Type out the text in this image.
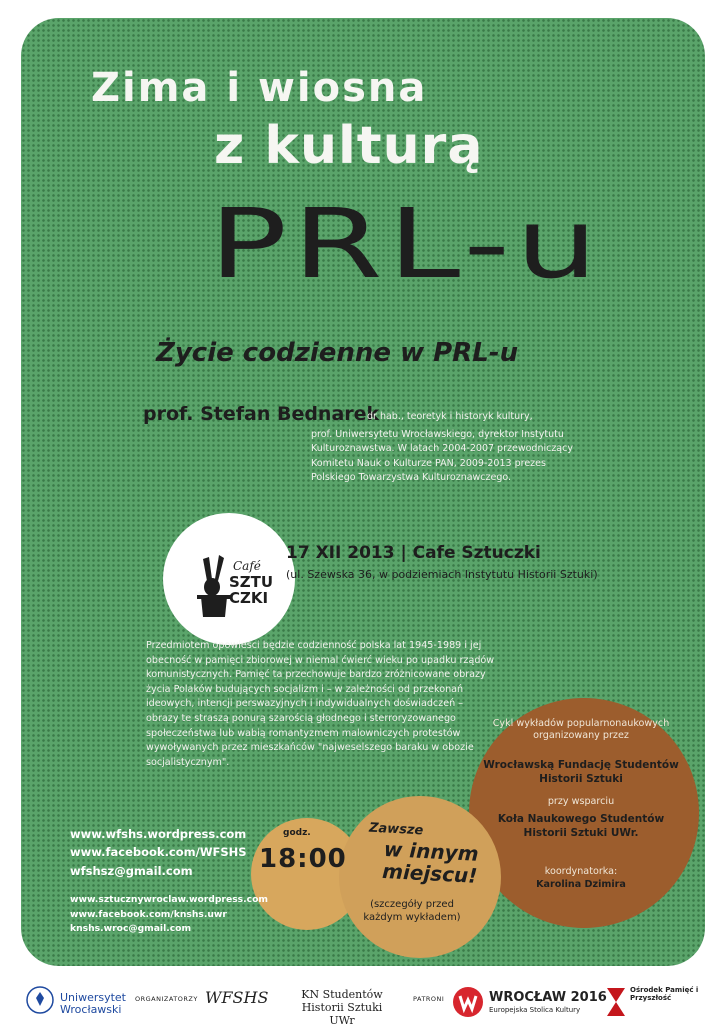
Zima i wiosna
z kulturą
PRL-u
Życie codzienne w PRL-u
prof. Stefan Bednarek
dr hab., teoretyk i historyk kultury,
prof. Uniwersytetu Wrocławskiego, dyrektor Instytutu Kulturoznawstwa. W latach 2004-2007 przewodniczący Komitetu Nauk o Kulturze PAN, 2009-2013 prezes Polskiego Towarzystwa Kulturoznawczego.
Café
SZTU
CZKI
17 XII 2013 | Cafe Sztuczki
(ul. Szewska 36, w podziemiach Instytutu Historii Sztuki)
Przedmiotem opowieści będzie codzienność polska lat 1945-1989 i jej obecność w pamięci zbiorowej w niemal ćwierć wieku po upadku rządów komunistycznych. Pamięć ta przechowuje bardzo zróżnicowane obrazy życia Polaków budujących socjalizm i – w zależności od przekonań ideowych, intencji perswazyjnych i indywidualnych doświadczeń – obrazy te straszą ponurą szarością głodnego i sterroryzowanego społeczeństwa lub wabią romantyzmem malowniczych protestów wywoływanych przez mieszkańców "najweselszego baraku w obozie socjalistycznym".
www.wfshs.wordpress.com
www.facebook.com/WFSHS
wfshsz@gmail.com
www.sztucznywroclaw.wordpress.com
www.facebook.com/knshs.uwr
knshs.wroc@gmail.com
godz.
18:00
Zawsze
w innym
miejscu!
(szczegóły przed każdym wykładem)
Cykl wykładów popularnonaukowych organizowany przez
Wrocławską Fundację Studentów Historii Sztuki
przy wsparciu
Koła Naukowego Studentów Historii Sztuki UWr.
koordynatorka:
Karolina Dzimira
Uniwersytet Wrocławski
ORGANIZATORZY WFSHS	KN Studentów Historii Sztuki UWr
PATRONI	WROCŁAW 2016
Europejska Stolica Kultury
Ośrodek Pamięć i Przyszłość
